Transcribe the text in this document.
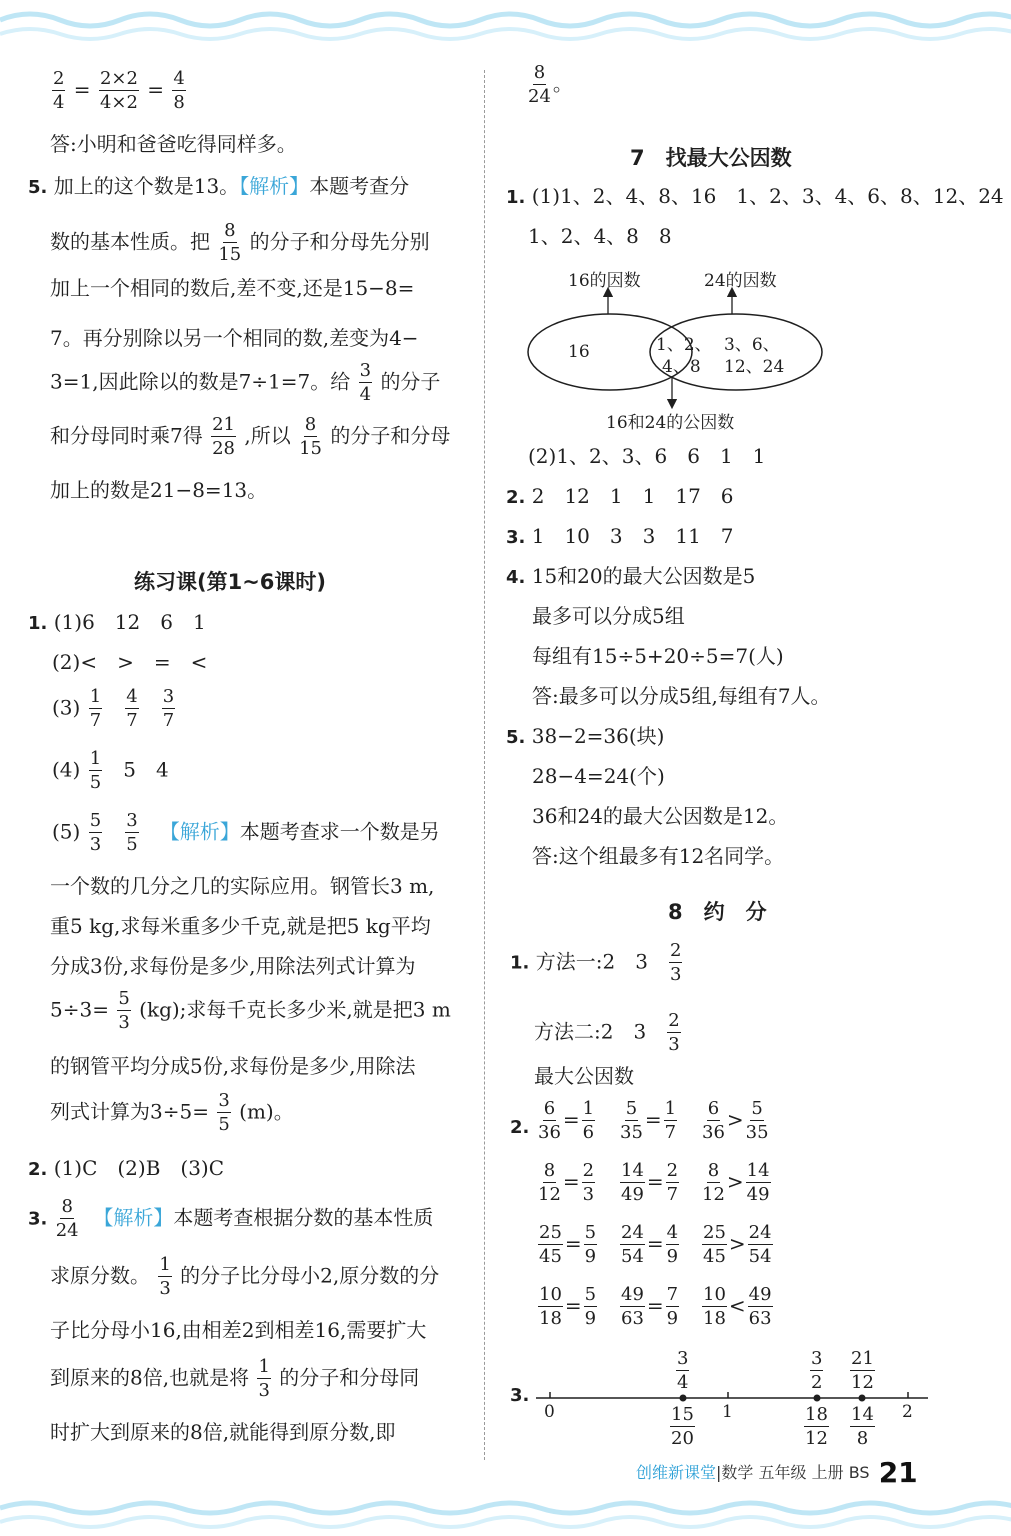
$\frac{2}{4} = \frac{2\times 2}{4\times 2} = \frac{4}{8}$
答:小明和爸爸吃得同样多。
5. 加上的这个数是13。【解析】本题考查分
数的基本性质。把 $\frac{8}{15}$ 的分子和分母先分别
加上一个相同的数后,差不变,还是15−8=
7。再分别除以另一个相同的数,差变为4−
3=1,因此除以的数是7÷1=7。给 $\frac{3}{4}$ 的分子
和分母同时乘7得 $\frac{21}{28}$ ,所以 $\frac{8}{15}$ 的分子和分母
加上的数是21−8=13。
练习课(第1~6课时)
1. (1)6　12　6　1
(2)<　>　=　<
$(3) \frac{1}{7}$
$\frac{4}{7}$
$\frac{3}{7}$
$(4) \frac{1}{5} 5$　4
$(5) \frac{5}{3}$
$\frac{3}{5}$ 【解析】本题考查求一个数是另
一个数的几分之几的实际应用。钢管长3 m,
重5 kg,求每米重多少千克,就是把5 kg平均
分成3份,求每份是多少,用除法列式计算为
$5\div 3= \frac{5}{3} (kg)$;求每千克长多少米,就是把3 m
的钢管平均分成5份,求每份是多少,用除法
列式计算为$3\div 5= \frac{3}{5} (m)$。
2. (1)C　(2)B　(3)C
3. $\frac{8}{24}$ 【解析】本题考查根据分数的基本性质
求原分数。 $\frac{1}{3}$ 的分子比分母小2,原分数的分
子比分母小16,由相差2到相差16,需要扩大
到原来的8倍,也就是将 $\frac{1}{3}$ 的分子和分母同
时扩大到原来的8倍,就能得到原分数,即
$\frac{8}{24}$ 。
7　找最大公因数
1. (1)1、2、4、8、16　1、2、3、4、6、8、12、24
1、2、4、8　8
16的因数	24的因数
16	1、2、
4、8
3、6、
12、24
16和24的公因数
(2)1、2、3、6　6　1　1
2. 2　12　1　1　17　6
3. 1　10　3　3　11　7
4. 15和20的最大公因数是5
最多可以分成5组
每组有15÷5+20÷5=7(人)
答:最多可以分成5组,每组有7人。
5. 38−2=36(块)
28−4=24(个)
36和24的最大公因数是12。
答:这个组最多有12名同学。
8　约　分
1. 方法一:2　$3 \frac{2}{3}$
方法二:2　$3 \frac{2}{3}$
最大公因数
2. $\frac{6}{36} = \frac{1}{6} \frac{5}{35} = \frac{1}{7} \frac{6}{36} > \frac{5}{35}$
$\frac{8}{12} = \frac{2}{3} \frac{14}{49} = \frac{2}{7} \frac{8}{12} > \frac{14}{49}$
$\frac{25}{45} = \frac{5}{9} \frac{24}{54} = \frac{4}{9} \frac{25}{45} > \frac{24}{54}$
$\frac{10}{18} = \frac{5}{9} \frac{49}{63} = \frac{7}{9} \frac{10}{18} < \frac{49}{63}$
3.
0	1	2
$\frac{3}{4}$	$\frac{3}{2} \frac{21}{12}$
$\frac{15}{20}$	$\frac{18}{12} \frac{14}{8}$
创维新课堂|数学 五年级 上册 BS 21
